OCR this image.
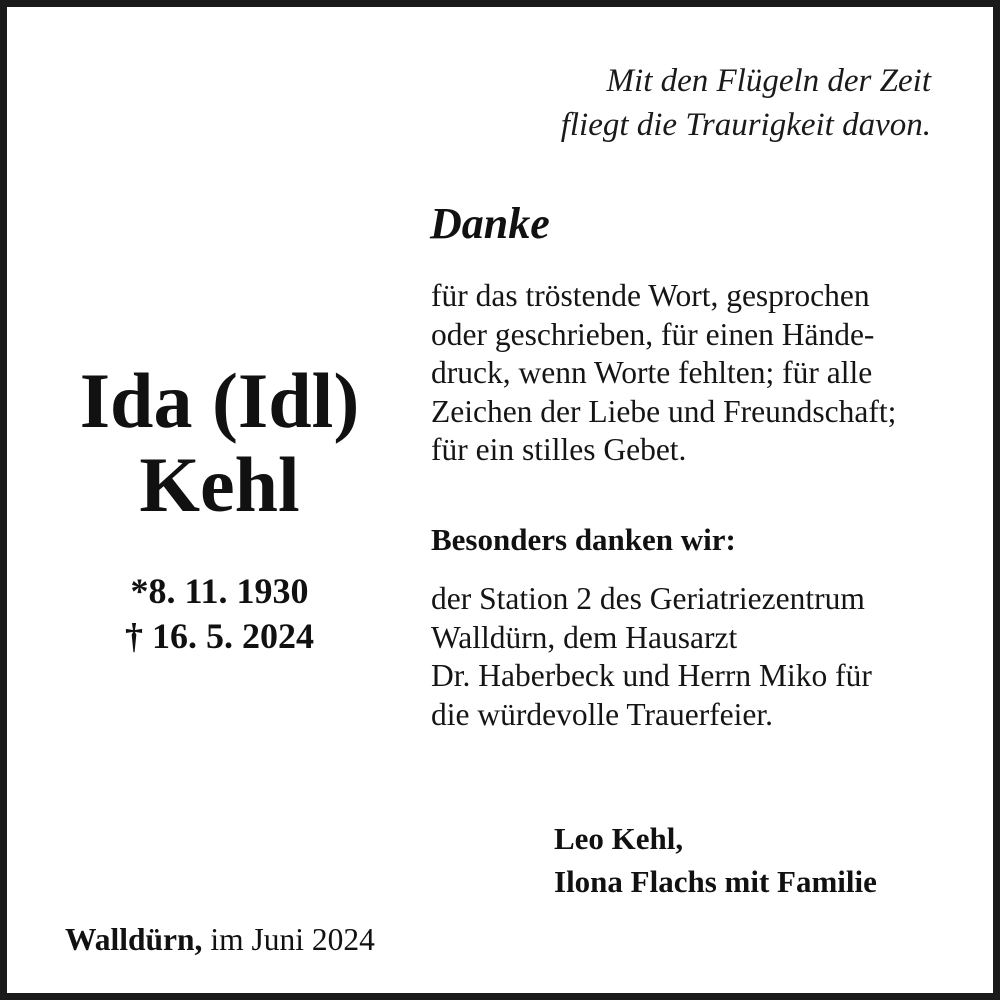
Mit den Flügeln der Zeit
fliegt die Traurigkeit davon.
Danke
für das tröstende Wort, gesprochen
oder geschrieben, für einen Hände-
druck, wenn Worte fehlten; für alle
Zeichen der Liebe und Freundschaft;
für ein stilles Gebet.
Ida (Idl)
Kehl
*8. 11. 1930
† 16. 5. 2024
Besonders danken wir:
der Station 2 des Geriatriezentrum
Walldürn, dem Hausarzt
Dr. Haberbeck und Herrn Miko für
die würdevolle Trauerfeier.
Leo Kehl,
Ilona Flachs mit Familie
Walldürn, im Juni 2024
